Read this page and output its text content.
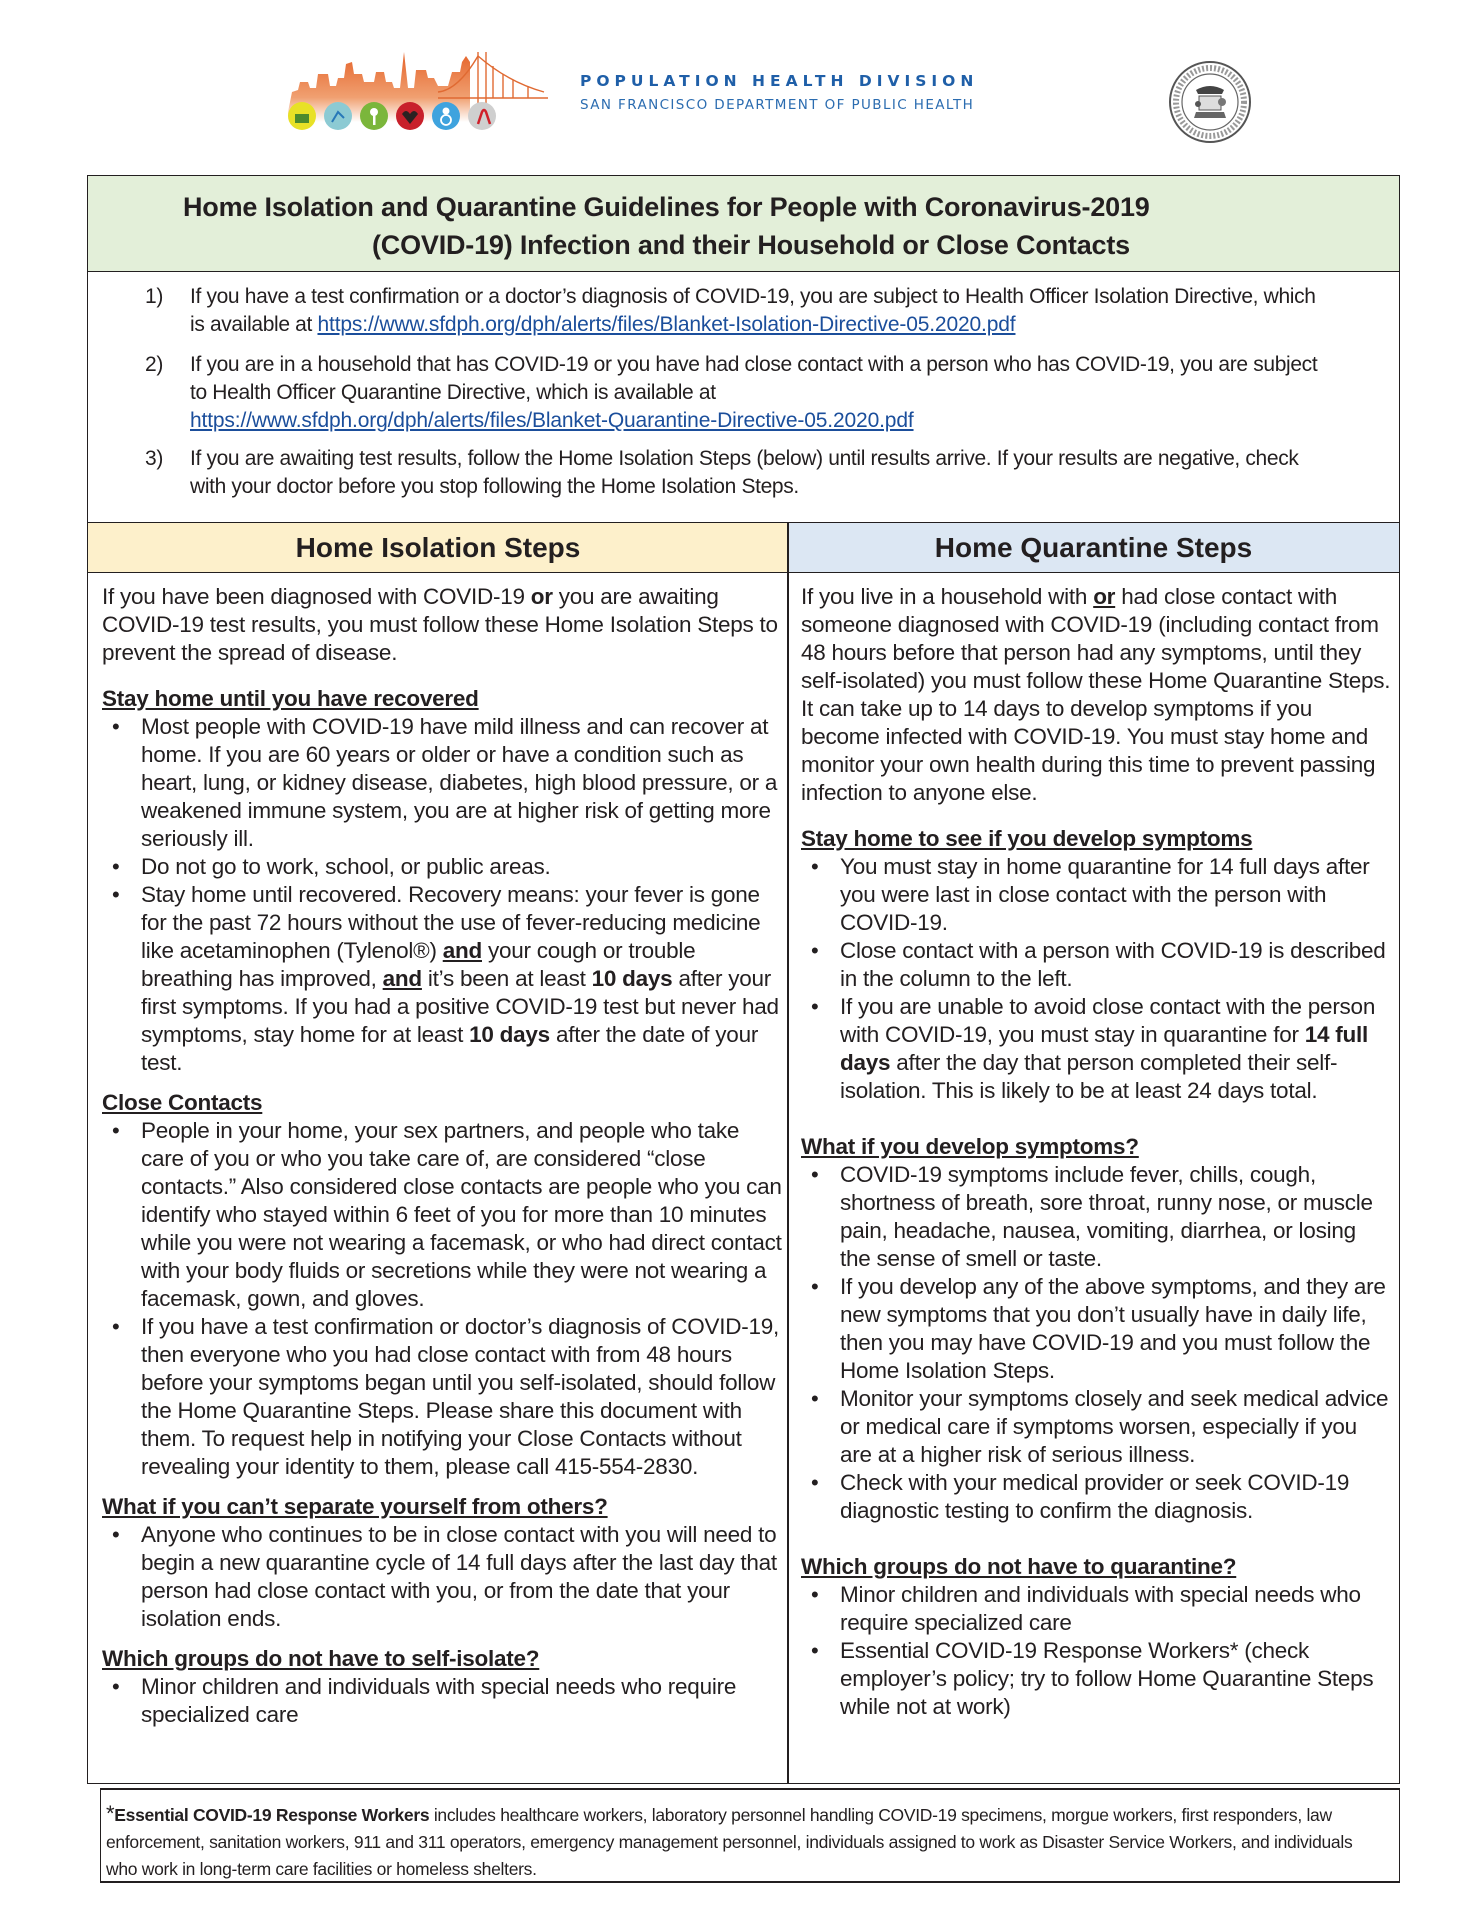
POPULATION HEALTH DIVISION
SAN FRANCISCO DEPARTMENT OF PUBLIC HEALTH
Home Isolation and Quarantine Guidelines for People with Coronavirus-2019
(COVID-19) Infection and their Household or Close Contacts
1) If you have a test confirmation or a doctor’s diagnosis of COVID-19, you are subject to Health Officer Isolation Directive, which is available at https://www.sfdph.org/dph/alerts/files/Blanket-Isolation-Directive-05.2020.pdf
2) If you are in a household that has COVID-19 or you have had close contact with a person who has COVID-19, you are subject to Health Officer Quarantine Directive, which is available at
https://www.sfdph.org/dph/alerts/files/Blanket-Quarantine-Directive-05.2020.pdf
3) If you are awaiting test results, follow the Home Isolation Steps (below) until results arrive. If your results are negative, check with your doctor before you stop following the Home Isolation Steps.
Home Isolation Steps	Home Quarantine Steps

If you have been diagnosed with COVID-19 or you are awaiting COVID-19 test results, you must follow these Home Isolation Steps to prevent the spread of disease.

Stay home until you have recovered
• Most people with COVID-19 have mild illness and can recover at home. If you are 60 years or older or have a condition such as heart, lung, or kidney disease, diabetes, high blood pressure, or a weakened immune system, you are at higher risk of getting more seriously ill.
• Do not go to work, school, or public areas.
• Stay home until recovered. Recovery means: your fever is gone for the past 72 hours without the use of fever-reducing medicine like acetaminophen (Tylenol®) and your cough or trouble breathing has improved, and it’s been at least 10 days after your first symptoms. If you had a positive COVID-19 test but never had symptoms, stay home for at least 10 days after the date of your test.
Close Contacts
• People in your home, your sex partners, and people who take care of you or who you take care of, are considered “close contacts.” Also considered close contacts are people who you can identify who stayed within 6 feet of you for more than 10 minutes while you were not wearing a facemask, or who had direct contact with your body fluids or secretions while they were not wearing a facemask, gown, and gloves.
• If you have a test confirmation or doctor’s diagnosis of COVID-19, then everyone who you had close contact with from 48 hours before your symptoms began until you self-isolated, should follow the Home Quarantine Steps. Please share this document with them. To request help in notifying your Close Contacts without revealing your identity to them, please call 415-554-2830.
What if you can’t separate yourself from others?
• Anyone who continues to be in close contact with you will need to begin a new quarantine cycle of 14 full days after the last day that person had close contact with you, or from the date that your isolation ends.
Which groups do not have to self-isolate?
• Minor children and individuals with special needs who require specialized care

If you live in a household with or had close contact with someone diagnosed with COVID-19 (including contact from 48 hours before that person had any symptoms, until they self-isolated) you must follow these Home Quarantine Steps. It can take up to 14 days to develop symptoms if you become infected with COVID-19. You must stay home and monitor your own health during this time to prevent passing infection to anyone else.

Stay home to see if you develop symptoms
• You must stay in home quarantine for 14 full days after you were last in close contact with the person with COVID-19.
• Close contact with a person with COVID-19 is described in the column to the left.
• If you are unable to avoid close contact with the person with COVID-19, you must stay in quarantine for 14 full days after the day that person completed their self-isolation. This is likely to be at least 24 days total.
What if you develop symptoms?
• COVID-19 symptoms include fever, chills, cough, shortness of breath, sore throat, runny nose, or muscle pain, headache, nausea, vomiting, diarrhea, or losing the sense of smell or taste.
• If you develop any of the above symptoms, and they are new symptoms that you don’t usually have in daily life, then you may have COVID-19 and you must follow the Home Isolation Steps.
• Monitor your symptoms closely and seek medical advice or medical care if symptoms worsen, especially if you are at a higher risk of serious illness.
• Check with your medical provider or seek COVID-19 diagnostic testing to confirm the diagnosis.
Which groups do not have to quarantine?
• Minor children and individuals with special needs who require specialized care
• Essential COVID-19 Response Workers* (check employer’s policy; try to follow Home Quarantine Steps while not at work)
*Essential COVID-19 Response Workers includes healthcare workers, laboratory personnel handling COVID-19 specimens, morgue workers, first responders, law enforcement, sanitation workers, 911 and 311 operators, emergency management personnel, individuals assigned to work as Disaster Service Workers, and individuals who work in long-term care facilities or homeless shelters.
